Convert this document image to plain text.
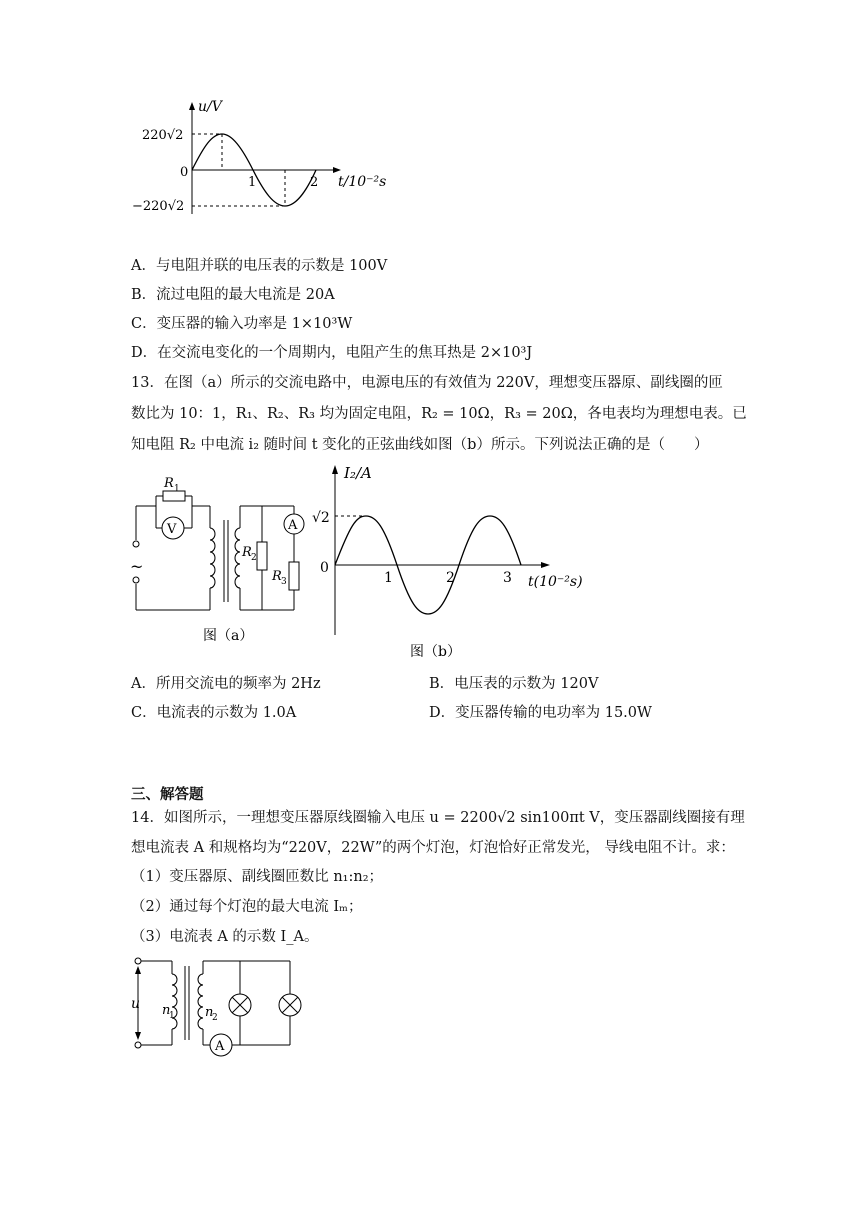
u/V
220√2
0
−220√2
1	2 t/10⁻²s
A．与电阻并联的电压表的示数是 100V
B．流过电阻的最大电流是 20A
C．变压器的输入功率是 1×10³W
D．在交流电变化的一个周期内，电阻产生的焦耳热是 2×10³J
13．在图（a）所示的交流电路中，电源电压的有效值为 220V，理想变压器原、副线圈的匝
数比为 10：1，R₁、R₂、R₃ 均为固定电阻，R₂ = 10Ω，R₃ = 20Ω，各电表均为理想电表。已
知电阻 R₂ 中电流 i₂ 随时间 t 变化的正弦曲线如图（b）所示。下列说法正确的是（　　）
~
V
R 1
R 2
A
R 3
图（a）
I₂/A
√2
0
1	2	3 t(10⁻²s)
图（b）
A．所用交流电的频率为 2Hz	B．电压表的示数为 120V
C．电流表的示数为 1.0A	D．变压器传输的电功率为 15.0W
三、解答题
14．如图所示，一理想变压器原线圈输入电压 u = 2200√2 sin100πt V，变压器副线圈接有理
想电流表 A 和规格均为“220V，22W”的两个灯泡，灯泡恰好正常发光， 导线电阻不计。求：
（1）变压器原、副线圈匝数比 n₁:n₂；
（2）通过每个灯泡的最大电流 Iₘ；
（3）电流表 A 的示数 I_A。
u n
1 n
2
A
